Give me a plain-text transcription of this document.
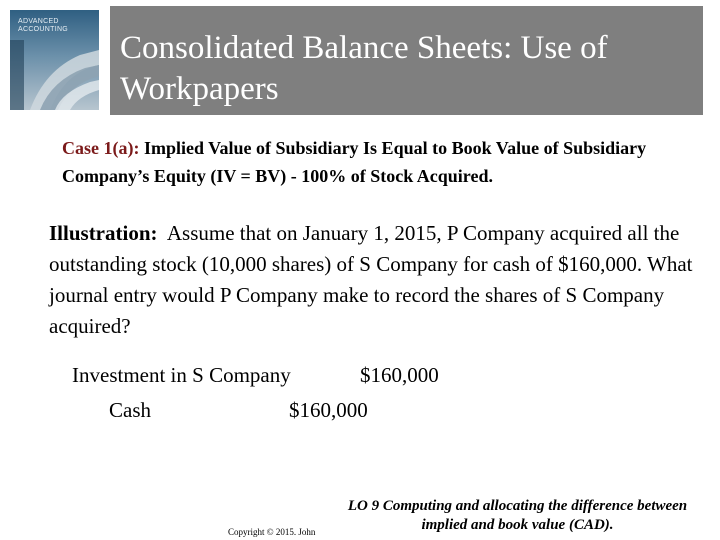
ADVANCED ACCOUNTING
Consolidated Balance Sheets: Use of Workpapers
Case 1(a): Implied Value of Subsidiary Is Equal to Book Value of Subsidiary Company’s Equity (IV = BV) - 100% of Stock Acquired.
Illustration: Assume that on January 1, 2015, P Company acquired all the outstanding stock (10,000 shares) of S Company for cash of $160,000. What journal entry would P Company make to record the shares of S Company acquired?
Investment in S Company	$160,000
Cash	$160,000
Copyright © 2015. John
LO 9 Computing and allocating the difference between implied and book value (CAD).
